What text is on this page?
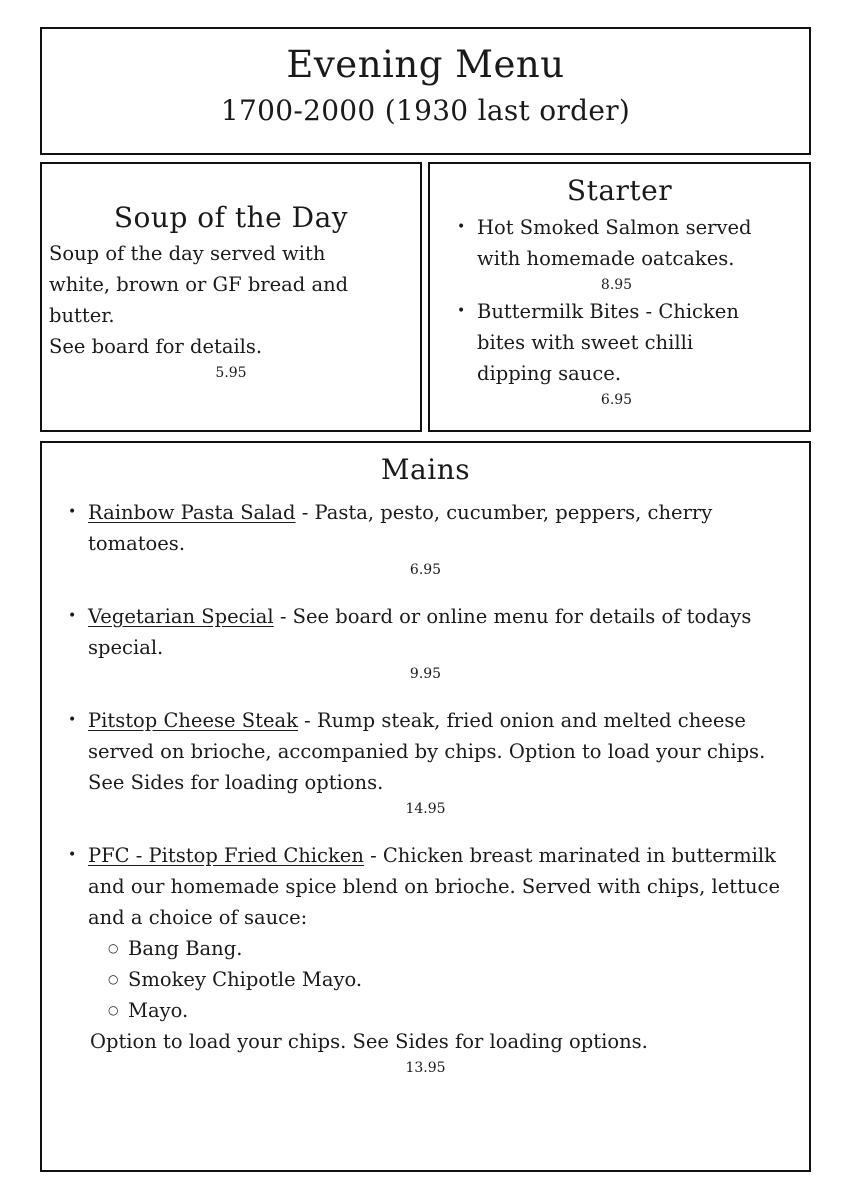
Evening Menu
1700-2000 (1930 last order)
Soup of the Day
Soup of the day served with
white, brown or GF bread and
butter.
See board for details.
5.95
Starter
• Hot Smoked Salmon served
with homemade oatcakes.
8.95
• Buttermilk Bites - Chicken
bites with sweet chilli
dipping sauce.
6.95
Mains
• Rainbow Pasta Salad - Pasta, pesto, cucumber, peppers, cherry tomatoes.
6.95
• Vegetarian Special - See board or online menu for details of todays special.
9.95
• Pitstop Cheese Steak - Rump steak, fried onion and melted cheese served on brioche, accompanied by chips. Option to load your chips. See Sides for loading options.
14.95
• PFC - Pitstop Fried Chicken - Chicken breast marinated in buttermilk and our homemade spice blend on brioche. Served with chips, lettuce and a choice of sauce:
○ Bang Bang.
○ Smokey Chipotle Mayo.
○ Mayo.
Option to load your chips. See Sides for loading options.
13.95
